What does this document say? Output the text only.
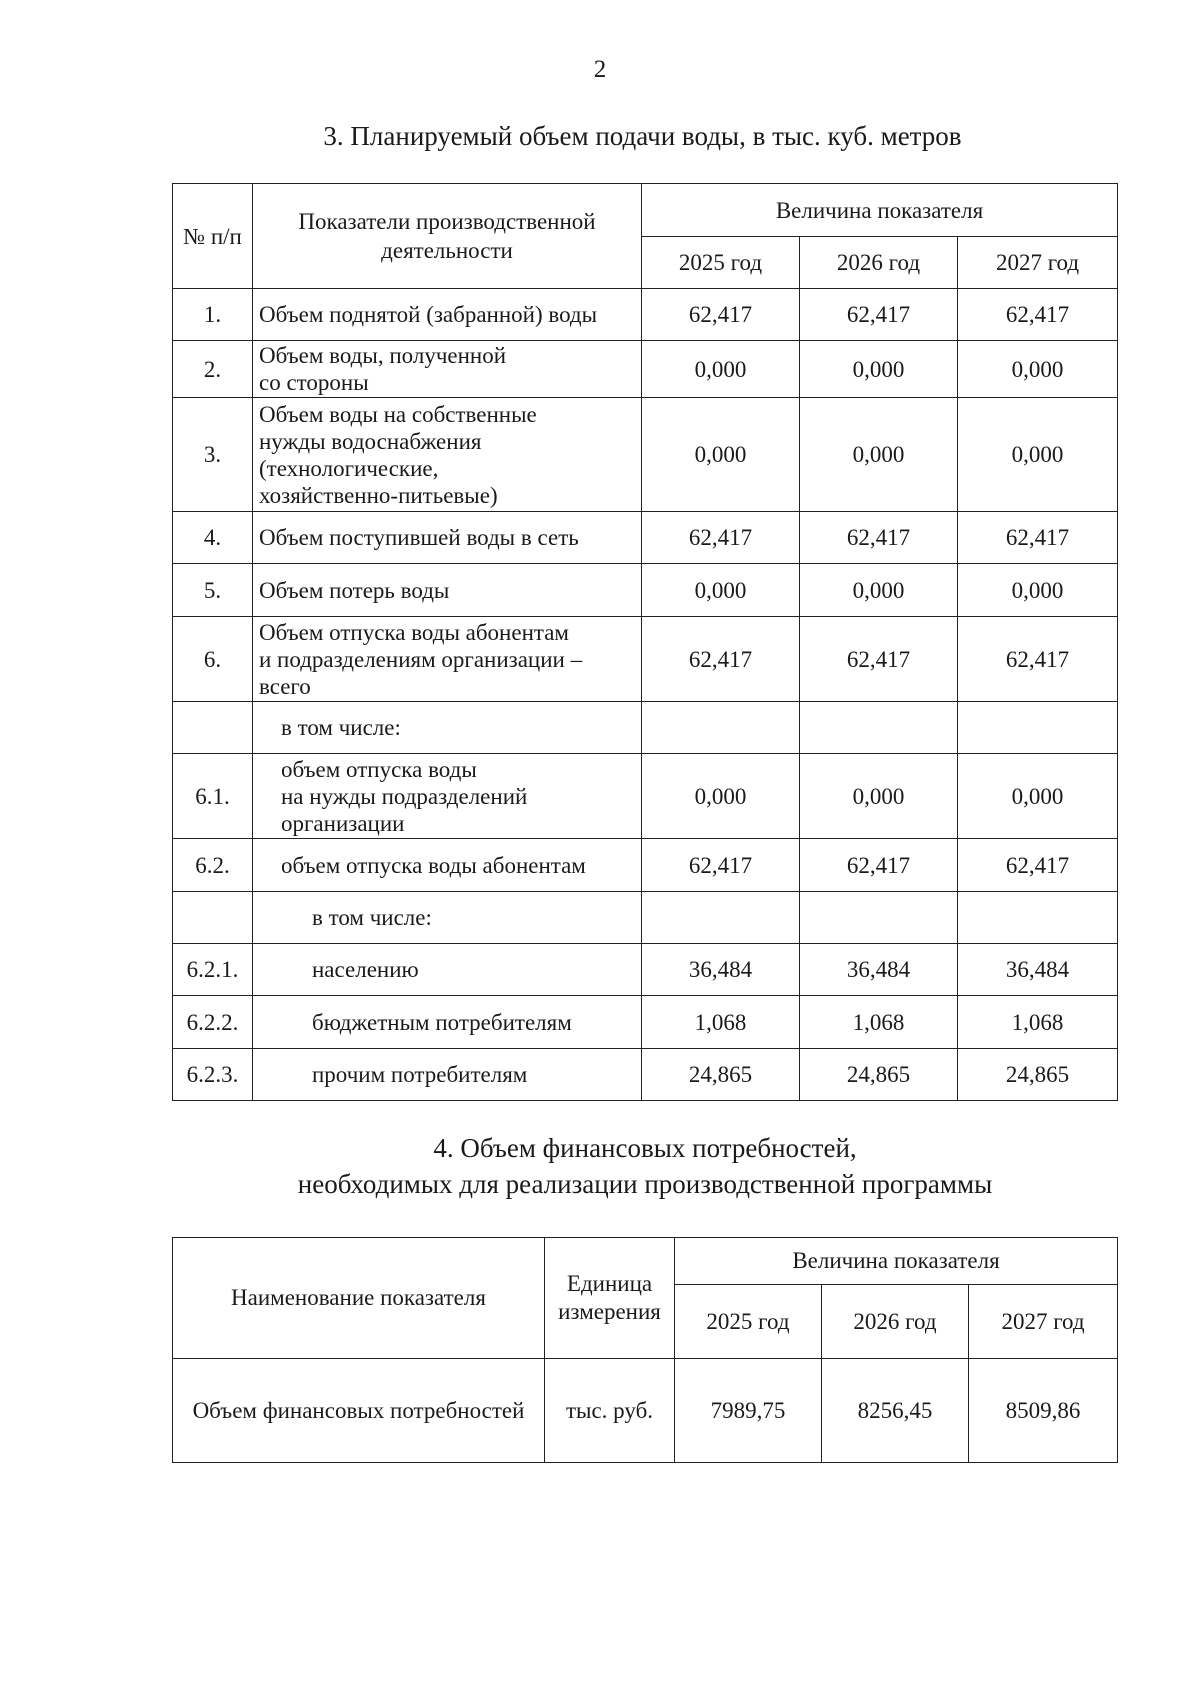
2
3. Планируемый объем подачи воды, в тыс. куб. метров
№ п/п	Показатели производственной деятельности	Величина показателя		
		2025 год	2026 год	2027 год
1.	Объем поднятой (забранной) воды	62,417	62,417	62,417
2.	Объем воды, полученной
со стороны	0,000	0,000	0,000
3.	Объем воды на собственные
нужды водоснабжения
(технологические,
хозяйственно-питьевые)	0,000	0,000	0,000
4.	Объем поступившей воды в сеть	62,417	62,417	62,417
5.	Объем потерь воды	0,000	0,000	0,000
6.	Объем отпуска воды абонентам
и подразделениям организации –
всего	62,417	62,417	62,417
	в том числе:			
6.1.	объем отпуска воды
на нужды подразделений
организации	0,000	0,000	0,000
6.2.	объем отпуска воды абонентам	62,417	62,417	62,417
	в том числе:			
6.2.1.	населению	36,484	36,484	36,484
6.2.2.	бюджетным потребителям	1,068	1,068	1,068
6.2.3.	прочим потребителям	24,865	24,865	24,865
4. Объем финансовых потребностей,
необходимых для реализации производственной программы
Наименование показателя	Единица измерения	Величина показателя		
		2025 год	2026 год	2027 год
Объем финансовых потребностей	тыс. руб.	7989,75	8256,45	8509,86
